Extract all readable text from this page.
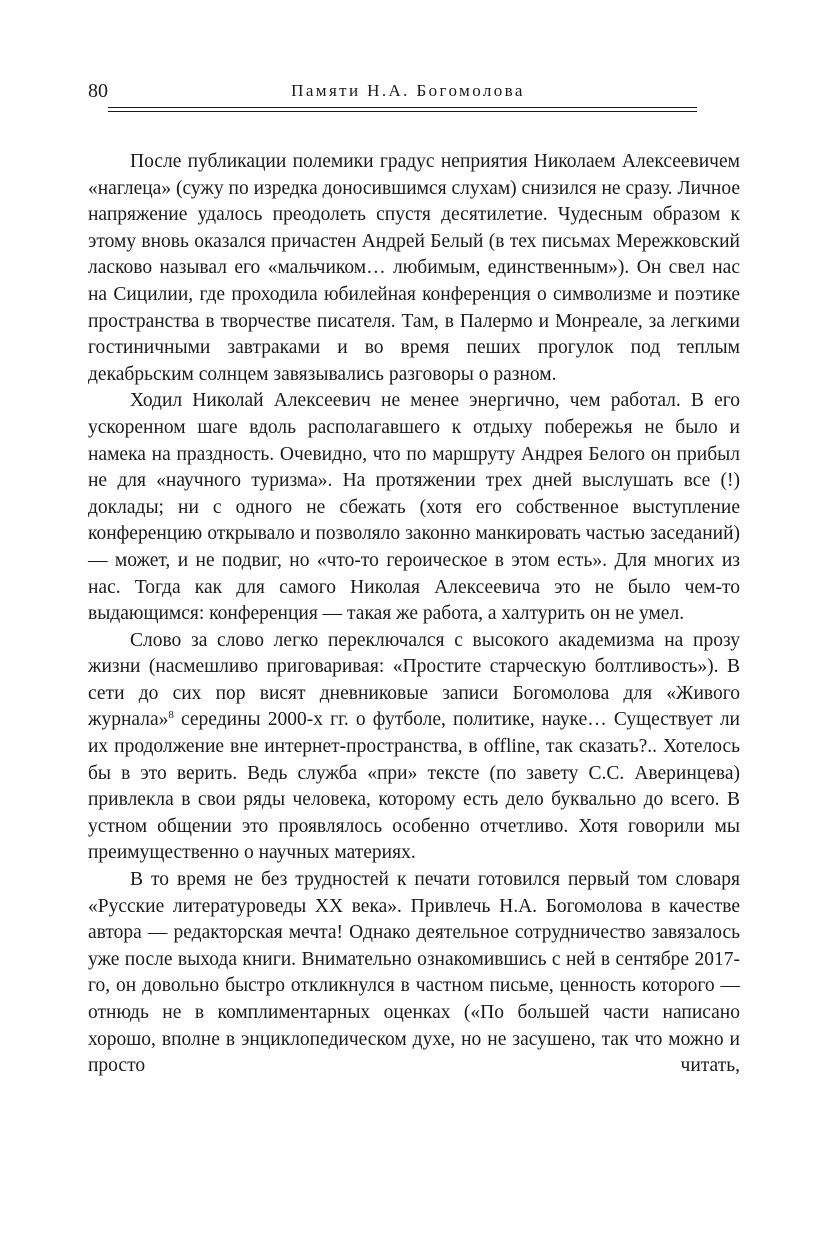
80	Памяти Н.А. Богомолова

После публикации полемики градус неприятия Николаем Алексеевичем «наглеца» (сужу по изредка доносившимся слухам) снизился не сразу. Личное напряжение удалось преодолеть спустя десятилетие. Чудесным образом к этому вновь оказался причастен Андрей Белый (в тех письмах Мережковский ласково называл его «мальчиком… любимым, единственным»). Он свел нас на Сицилии, где проходила юбилейная конференция о символизме и поэтике пространства в творчестве писателя. Там, в Палермо и Монреале, за легкими гостиничными завтраками и во время пеших прогулок под теплым декабрьским солнцем завязывались разговоры о разном.

Ходил Николай Алексеевич не менее энергично, чем работал. В его ускоренном шаге вдоль располагавшего к отдыху побережья не было и намека на праздность. Очевидно, что по маршруту Андрея Белого он прибыл не для «научного туризма». На протяжении трех дней выслушать все (!) доклады; ни с одного не сбежать (хотя его собственное выступление конференцию открывало и позволяло законно манкировать частью заседаний) — может, и не подвиг, но «что-то героическое в этом есть». Для многих из нас. Тогда как для самого Николая Алексеевича это не было чем-то выдающимся: конференция — такая же работа, а халтурить он не умел.

Слово за слово легко переключался с высокого академизма на прозу жизни (насмешливо приговаривая: «Простите старческую болтливость»). В сети до сих пор висят дневниковые записи Богомолова для «Живого журнала»$^8$ середины 2000-х гг. о футболе, политике, науке… Существует ли их продолжение вне интернет-пространства, в offline, так сказать?.. Хотелось бы в это верить. Ведь служба «при» тексте (по завету С.С. Аверинцева) привлекла в свои ряды человека, которому есть дело буквально до всего. В устном общении это проявлялось особенно отчетливо. Хотя говорили мы преимущественно о научных материях.

В то время не без трудностей к печати готовился первый том словаря «Русские литературоведы XX века». Привлечь Н.А. Богомолова в качестве автора — редакторская мечта! Однако деятельное сотрудничество завязалось уже после выхода книги. Внимательно ознакомившись с ней в сентябре 2017-го, он довольно быстро откликнулся в частном письме, ценность которого — отнюдь не в комплиментарных оценках («По большей части написано хорошо, вполне в энциклопедическом духе, но не засушено, так что можно и просто читать,
